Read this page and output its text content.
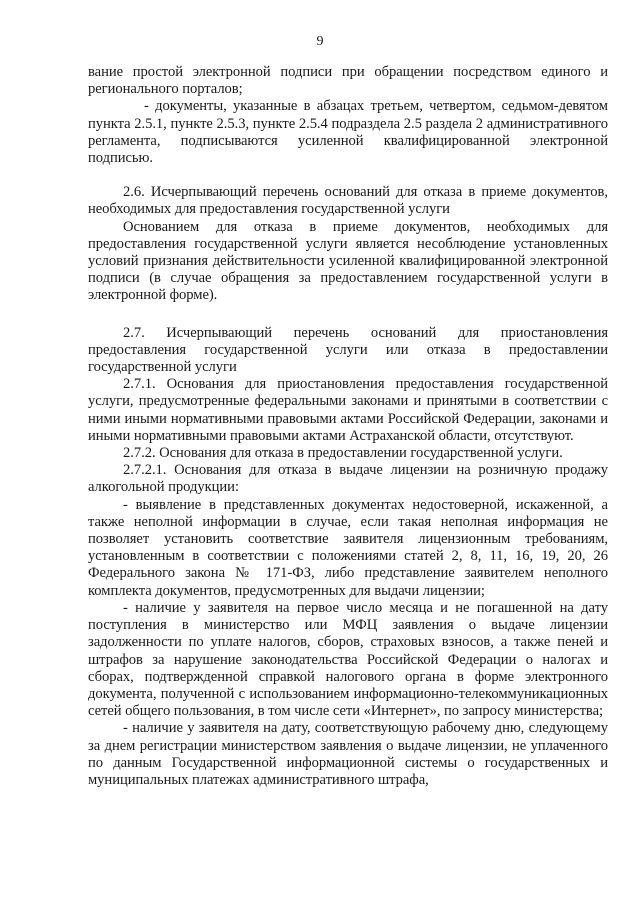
9

вание простой электронной подписи при обращении посредством единого и регионального порталов;

- документы, указанные в абзацах третьем, четвертом, седьмом-девятом пункта 2.5.1, пункте 2.5.3, пункте 2.5.4 подраздела 2.5 раздела 2 административного регламента, подписываются усиленной квалифицированной электронной подписью.

2.6. Исчерпывающий перечень оснований для отказа в приеме документов, необходимых для предоставления государственной услуги

Основанием для отказа в приеме документов, необходимых для предоставления государственной услуги является несоблюдение установленных условий признания действительности усиленной квалифицированной электронной подписи (в случае обращения за предоставлением государственной услуги в электронной форме).

2.7. Исчерпывающий перечень оснований для приостановления предоставления государственной услуги или отказа в предоставлении государственной услуги

2.7.1. Основания для приостановления предоставления государственной услуги, предусмотренные федеральными законами и принятыми в соответствии с ними иными нормативными правовыми актами Российской Федерации, законами и иными нормативными правовыми актами Астраханской области, отсутствуют.

2.7.2. Основания для отказа в предоставлении государственной услуги.

2.7.2.1. Основания для отказа в выдаче лицензии на розничную продажу алкогольной продукции:

- выявление в представленных документах недостоверной, искаженной, а также неполной информации в случае, если такая неполная информация не позволяет установить соответствие заявителя лицензионным требованиям, установленным в соответствии с положениями статей 2, 8, 11, 16, 19, 20, 26 Федерального закона № 171-ФЗ, либо представление заявителем неполного комплекта документов, предусмотренных для выдачи лицензии;

- наличие у заявителя на первое число месяца и не погашенной на дату поступления в министерство или МФЦ заявления о выдаче лицензии задолженности по уплате налогов, сборов, страховых взносов, а также пеней и штрафов за нарушение законодательства Российской Федерации о налогах и сборах, подтвержденной справкой налогового органа в форме электронного документа, полученной с использованием информационно-телекоммуникационных сетей общего пользования, в том числе сети «Интернет», по запросу министерства;

- наличие у заявителя на дату, соответствующую рабочему дню, следующему за днем регистрации министерством заявления о выдаче лицензии, не уплаченного по данным Государственной информационной системы о государственных и муниципальных платежах административного штрафа,
